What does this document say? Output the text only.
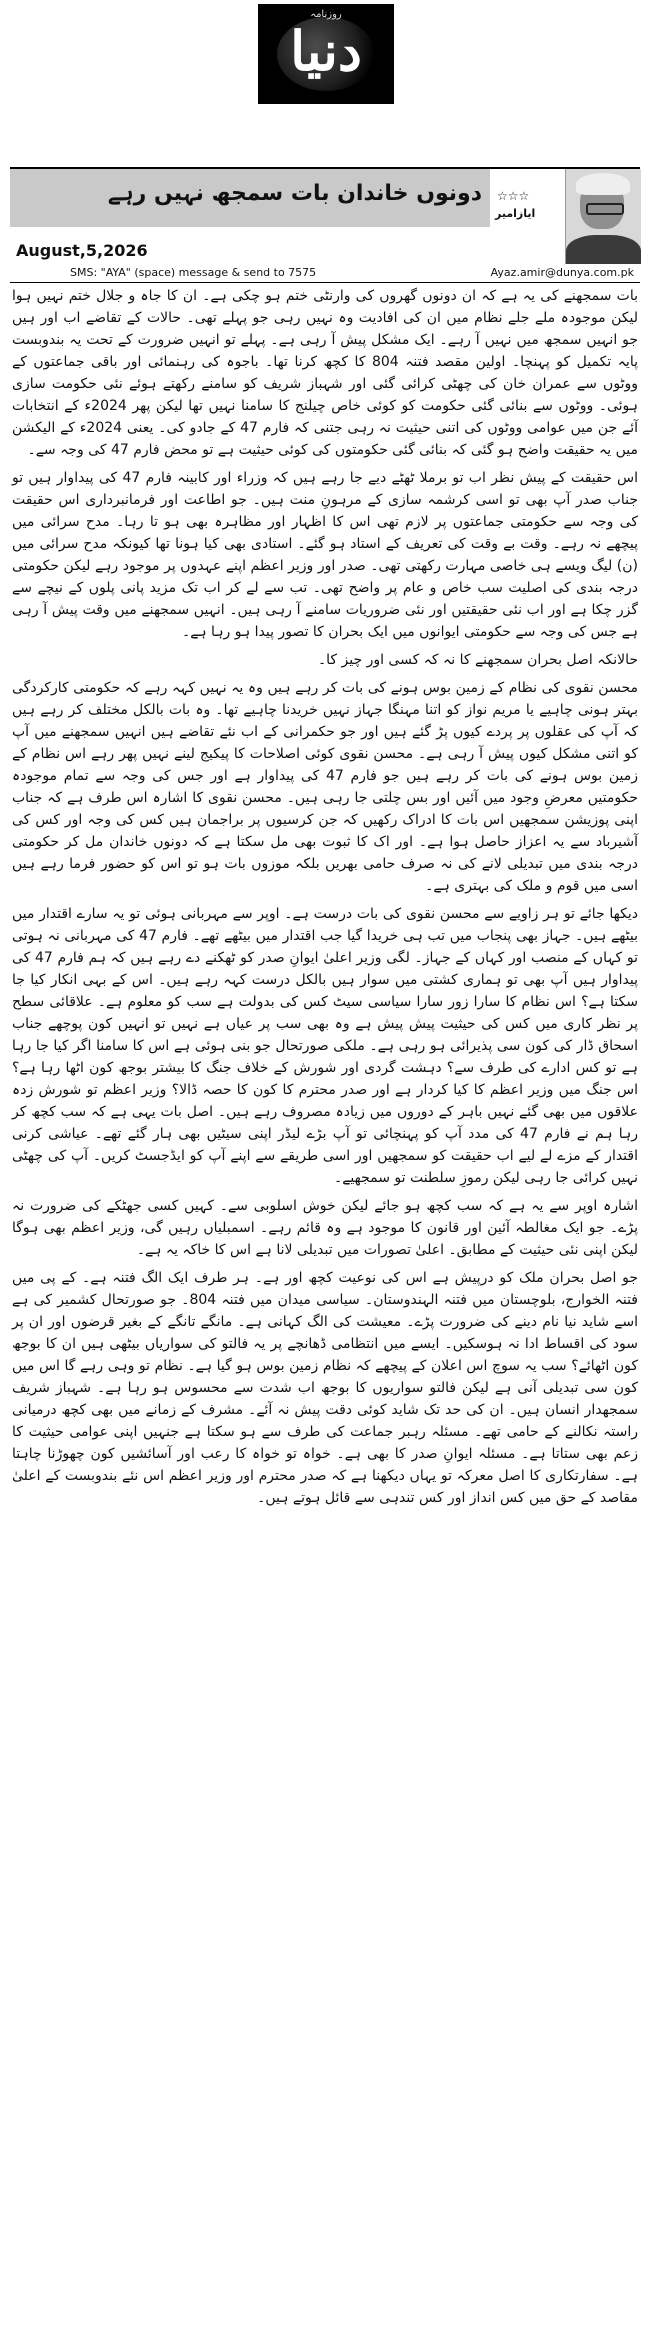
روزنامہ
دنیا
دونوں خاندان بات سمجھ نہیں رہے
August,5,2026
☆☆☆
ایازامیر
SMS: "AYA" (space) message & send to 7575	Ayaz.amir@dunya.com.pk

بات سمجھنے کی یہ ہے کہ ان دونوں گھروں کی وارنٹی ختم ہو چکی ہے۔ ان کا جاہ و جلال ختم نہیں ہوا لیکن موجودہ ملے جلے نظام میں ان کی افادیت وہ نہیں رہی جو پہلے تھی۔ حالات کے تقاضے اب اور ہیں جو انہیں سمجھ میں نہیں آ رہے۔ ایک مشکل پیش آ رہی ہے۔ پہلے تو انہیں ضرورت کے تحت یہ بندوبست پایہ تکمیل کو پہنچا۔ اولین مقصد فتنہ 804 کا کچھ کرنا تھا۔ باجوہ کی رہنمائی اور باقی جماعتوں کے ووٹوں سے عمران خان کی چھٹی کرائی گئی اور شہباز شریف کو سامنے رکھتے ہوئے نئی حکومت سازی ہوئی۔ ووٹوں سے بنائی گئی حکومت کو کوئی خاص چیلنج کا سامنا نہیں تھا لیکن پھر 2024ء کے انتخابات آئے جن میں عوامی ووٹوں کی اتنی حیثیت نہ رہی جتنی کہ فارم 47 کے جادو کی۔ یعنی 2024ء کے الیکشن میں یہ حقیقت واضح ہو گئی کہ بنائی گئی حکومتوں کی کوئی حیثیت ہے تو محض فارم 47 کی وجہ سے۔

اس حقیقت کے پیش نظر اب تو برملا ٹھٹے دیے جا رہے ہیں کہ وزراء اور کابینہ فارم 47 کی پیداوار ہیں تو جناب صدر آپ بھی تو اسی کرشمہ سازی کے مرہونِ منت ہیں۔ جو اطاعت اور فرمانبرداری اس حقیقت کی وجہ سے حکومتی جماعتوں پر لازم تھی اس کا اظہار اور مظاہرہ بھی ہو تا رہا۔ مدح سرائی میں پیچھے نہ رہے۔ وقت بے وقت کی تعریف کے استاد ہو گئے۔ استادی بھی کیا ہونا تھا کیونکہ مدح سرائی میں (ن) لیگ ویسے ہی خاصی مہارت رکھتی تھی۔ صدر اور وزیر اعظم اپنے عہدوں پر موجود رہے لیکن حکومتی درجہ بندی کی اصلیت سب خاص و عام پر واضح تھی۔ تب سے لے کر اب تک مزید پانی پلوں کے نیچے سے گزر چکا ہے اور اب نئی حقیقتیں اور نئی ضروریات سامنے آ رہی ہیں۔ انہیں سمجھنے میں وقت پیش آ رہی ہے جس کی وجہ سے حکومتی ایوانوں میں ایک بحران کا تصور پیدا ہو رہا ہے۔

حالانکہ اصل بحران سمجھنے کا نہ کہ کسی اور چیز کا۔

محسن نقوی کی نظام کے زمین بوس ہونے کی بات کر رہے ہیں وہ یہ نہیں کہہ رہے کہ حکومتی کارکردگی بہتر ہونی چاہیے یا مریم نواز کو اتنا مہنگا جہاز نہیں خریدنا چاہیے تھا۔ وہ بات بالکل مختلف کر رہے ہیں کہ آپ کی عقلوں پر پردے کیوں پڑ گئے ہیں اور جو حکمرانی کے اب نئے تقاضے ہیں انہیں سمجھنے میں آپ کو اتنی مشکل کیوں پیش آ رہی ہے۔ محسن نقوی کوئی اصلاحات کا پیکیج لینے نہیں پھر رہے اس نظام کے زمین بوس ہونے کی بات کر رہے ہیں جو فارم 47 کی پیداوار ہے اور جس کی وجہ سے تمام موجودہ حکومتیں معرضِ وجود میں آئیں اور بس چلتی جا رہی ہیں۔ محسن نقوی کا اشارہ اس طرف ہے کہ جناب اپنی پوزیشن سمجھیں اس بات کا ادراک رکھیں کہ جن کرسیوں پر براجمان ہیں کس کی وجہ اور کس کی آشیرباد سے یہ اعزاز حاصل ہوا ہے۔ اور اک کا ثبوت بھی مل سکتا ہے کہ دونوں خاندان مل کر حکومتی درجہ بندی میں تبدیلی لانے کی نہ صرف حامی بھریں بلکہ موزوں بات ہو تو اس کو حضور فرما رہے ہیں اسی میں قوم و ملک کی بہتری ہے۔

دیکھا جائے تو ہر زاویے سے محسن نقوی کی بات درست ہے۔ اوپر سے مہربانی ہوئی تو یہ سارے اقتدار میں بیٹھے ہیں۔ جہاز بھی پنجاب میں تب ہی خریدا گیا جب اقتدار میں بیٹھے تھے۔ فارم 47 کی مہربانی نہ ہوتی تو کہاں کے منصب اور کہاں کے جہاز۔ لگی وزیر اعلیٰ ایوانِ صدر کو ٹھکنے دے رہے ہیں کہ ہم فارم 47 کی پیداوار ہیں آپ بھی تو ہماری کشتی میں سوار ہیں بالکل درست کہہ رہے ہیں۔ اس کے بہی انکار کیا جا سکتا ہے؟ اس نظام کا سارا زور سارا سیاسی سیٹ کس کی بدولت ہے سب کو معلوم ہے۔ علاقائی سطح پر نظر کاری میں کس کی حیثیت پیش پیش ہے وہ بھی سب پر عیاں ہے نہیں تو انہیں کون پوچھے جناب اسحاق ڈار کی کون سی پذیرائی ہو رہی ہے۔ ملکی صورتحال جو بنی ہوئی ہے اس کا سامنا اگر کیا جا رہا ہے تو کس ادارے کی طرف سے؟ دہشت گردی اور شورش کے خلاف جنگ کا بیشتر بوجھ کون اٹھا رہا ہے؟ اس جنگ میں وزیر اعظم کا کیا کردار ہے اور صدر محترم کا کون کا حصہ ڈالا؟ وزیر اعظم تو شورش زدہ علاقوں میں بھی گئے نہیں باہر کے دوروں میں زیادہ مصروف رہے ہیں۔ اصل بات یہی ہے کہ سب کچھ کر رہا ہم نے فارم 47 کی مدد آپ کو پہنچائی تو آپ بڑے لیڈر اپنی سیٹیں بھی ہار گئے تھے۔ عیاشی کرنی اقتدار کے مزے لے لیے اب حقیقت کو سمجھیں اور اسی طریقے سے اپنے آپ کو ایڈجسٹ کریں۔ آپ کی چھٹی نہیں کرائی جا رہی لیکن رموزِ سلطنت تو سمجھیے۔

اشارہ اوپر سے یہ ہے کہ سب کچھ ہو جائے لیکن خوش اسلوبی سے۔ کہیں کسی جھٹکے کی ضرورت نہ پڑے۔ جو ایک مغالطہ آئین اور قانون کا موجود ہے وہ قائم رہے۔ اسمبلیاں رہیں گی، وزیر اعظم بھی ہوگا لیکن اپنی نئی حیثیت کے مطابق۔ اعلیٰ تصورات میں تبدیلی لانا ہے اس کا خاکہ یہ ہے۔

جو اصل بحران ملک کو درپیش ہے اس کی نوعیت کچھ اور ہے۔ ہر طرف ایک الگ فتنہ ہے۔ کے پی میں فتنہ الخوارج، بلوچستان میں فتنہ الہندوستان۔ سیاسی میدان میں فتنہ 804۔ جو صورتحال کشمیر کی ہے اسے شاید نیا نام دینے کی ضرورت پڑے۔ معیشت کی الگ کہانی ہے۔ مانگے تانگے کے بغیر قرضوں اور ان پر سود کی اقساط ادا نہ ہوسکیں۔ ایسے میں انتظامی ڈھانچے پر یہ فالتو کی سواریاں بیٹھی ہیں ان کا بوجھ کون اٹھائے؟ سب یہ سوچ اس اعلان کے پیچھے کہ نظام زمین بوس ہو گیا ہے۔ نظام تو وہی رہے گا اس میں کون سی تبدیلی آنی ہے لیکن فالتو سواریوں کا بوجھ اب شدت سے محسوس ہو رہا ہے۔ شہباز شریف سمجھدار انسان ہیں۔ ان کی حد تک شاید کوئی دقت پیش نہ آئے۔ مشرف کے زمانے میں بھی کچھ درمیانی راستہ نکالنے کے حامی تھے۔ مسئلہ رہبر جماعت کی طرف سے ہو سکتا ہے جنہیں اپنی عوامی حیثیت کا زعم بھی ستاتا ہے۔ مسئلہ ایوانِ صدر کا بھی ہے۔ خواہ تو خواہ کا رعب اور آسائشیں کون چھوڑنا چاہتا ہے۔ سفارتکاری کا اصل معرکہ تو یہاں دیکھنا ہے کہ صدر محترم اور وزیر اعظم اس نئے بندوبست کے اعلیٰ مقاصد کے حق میں کس انداز اور کس تندہی سے قائل ہوتے ہیں۔
